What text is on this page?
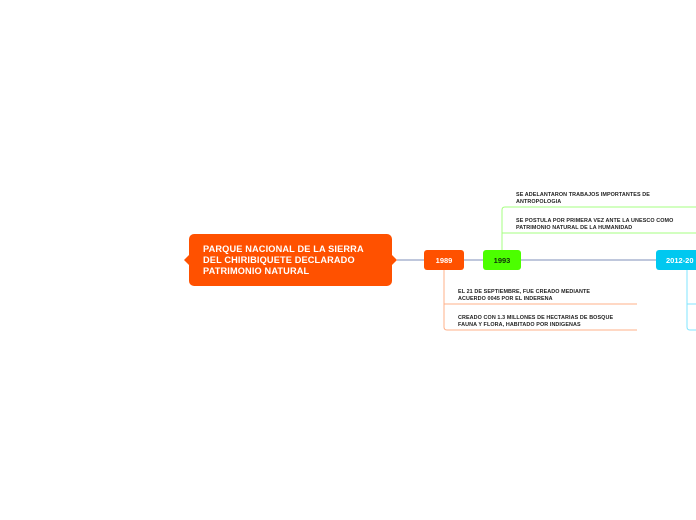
PARQUE NACIONAL DE LA SIERRA
DEL CHIRIBIQUETE DECLARADO
PATRIMONIO NATURAL
1989	1993	2012-20
SE ADELANTARON TRABAJOS IMPORTANTES DE
ANTROPOLOGIA
SE POSTULA POR PRIMERA VEZ ANTE LA UNESCO COMO
PATRIMONIO NATURAL DE LA HUMANIDAD
EL 21 DE SEPTIEMBRE, FUE CREADO MEDIANTE
ACUERDO 0045 POR EL INDERENA
CREADO CON 1.3 MILLONES DE HECTARIAS DE BOSQUE
FAUNA Y FLORA, HABITADO POR INDIGENAS
